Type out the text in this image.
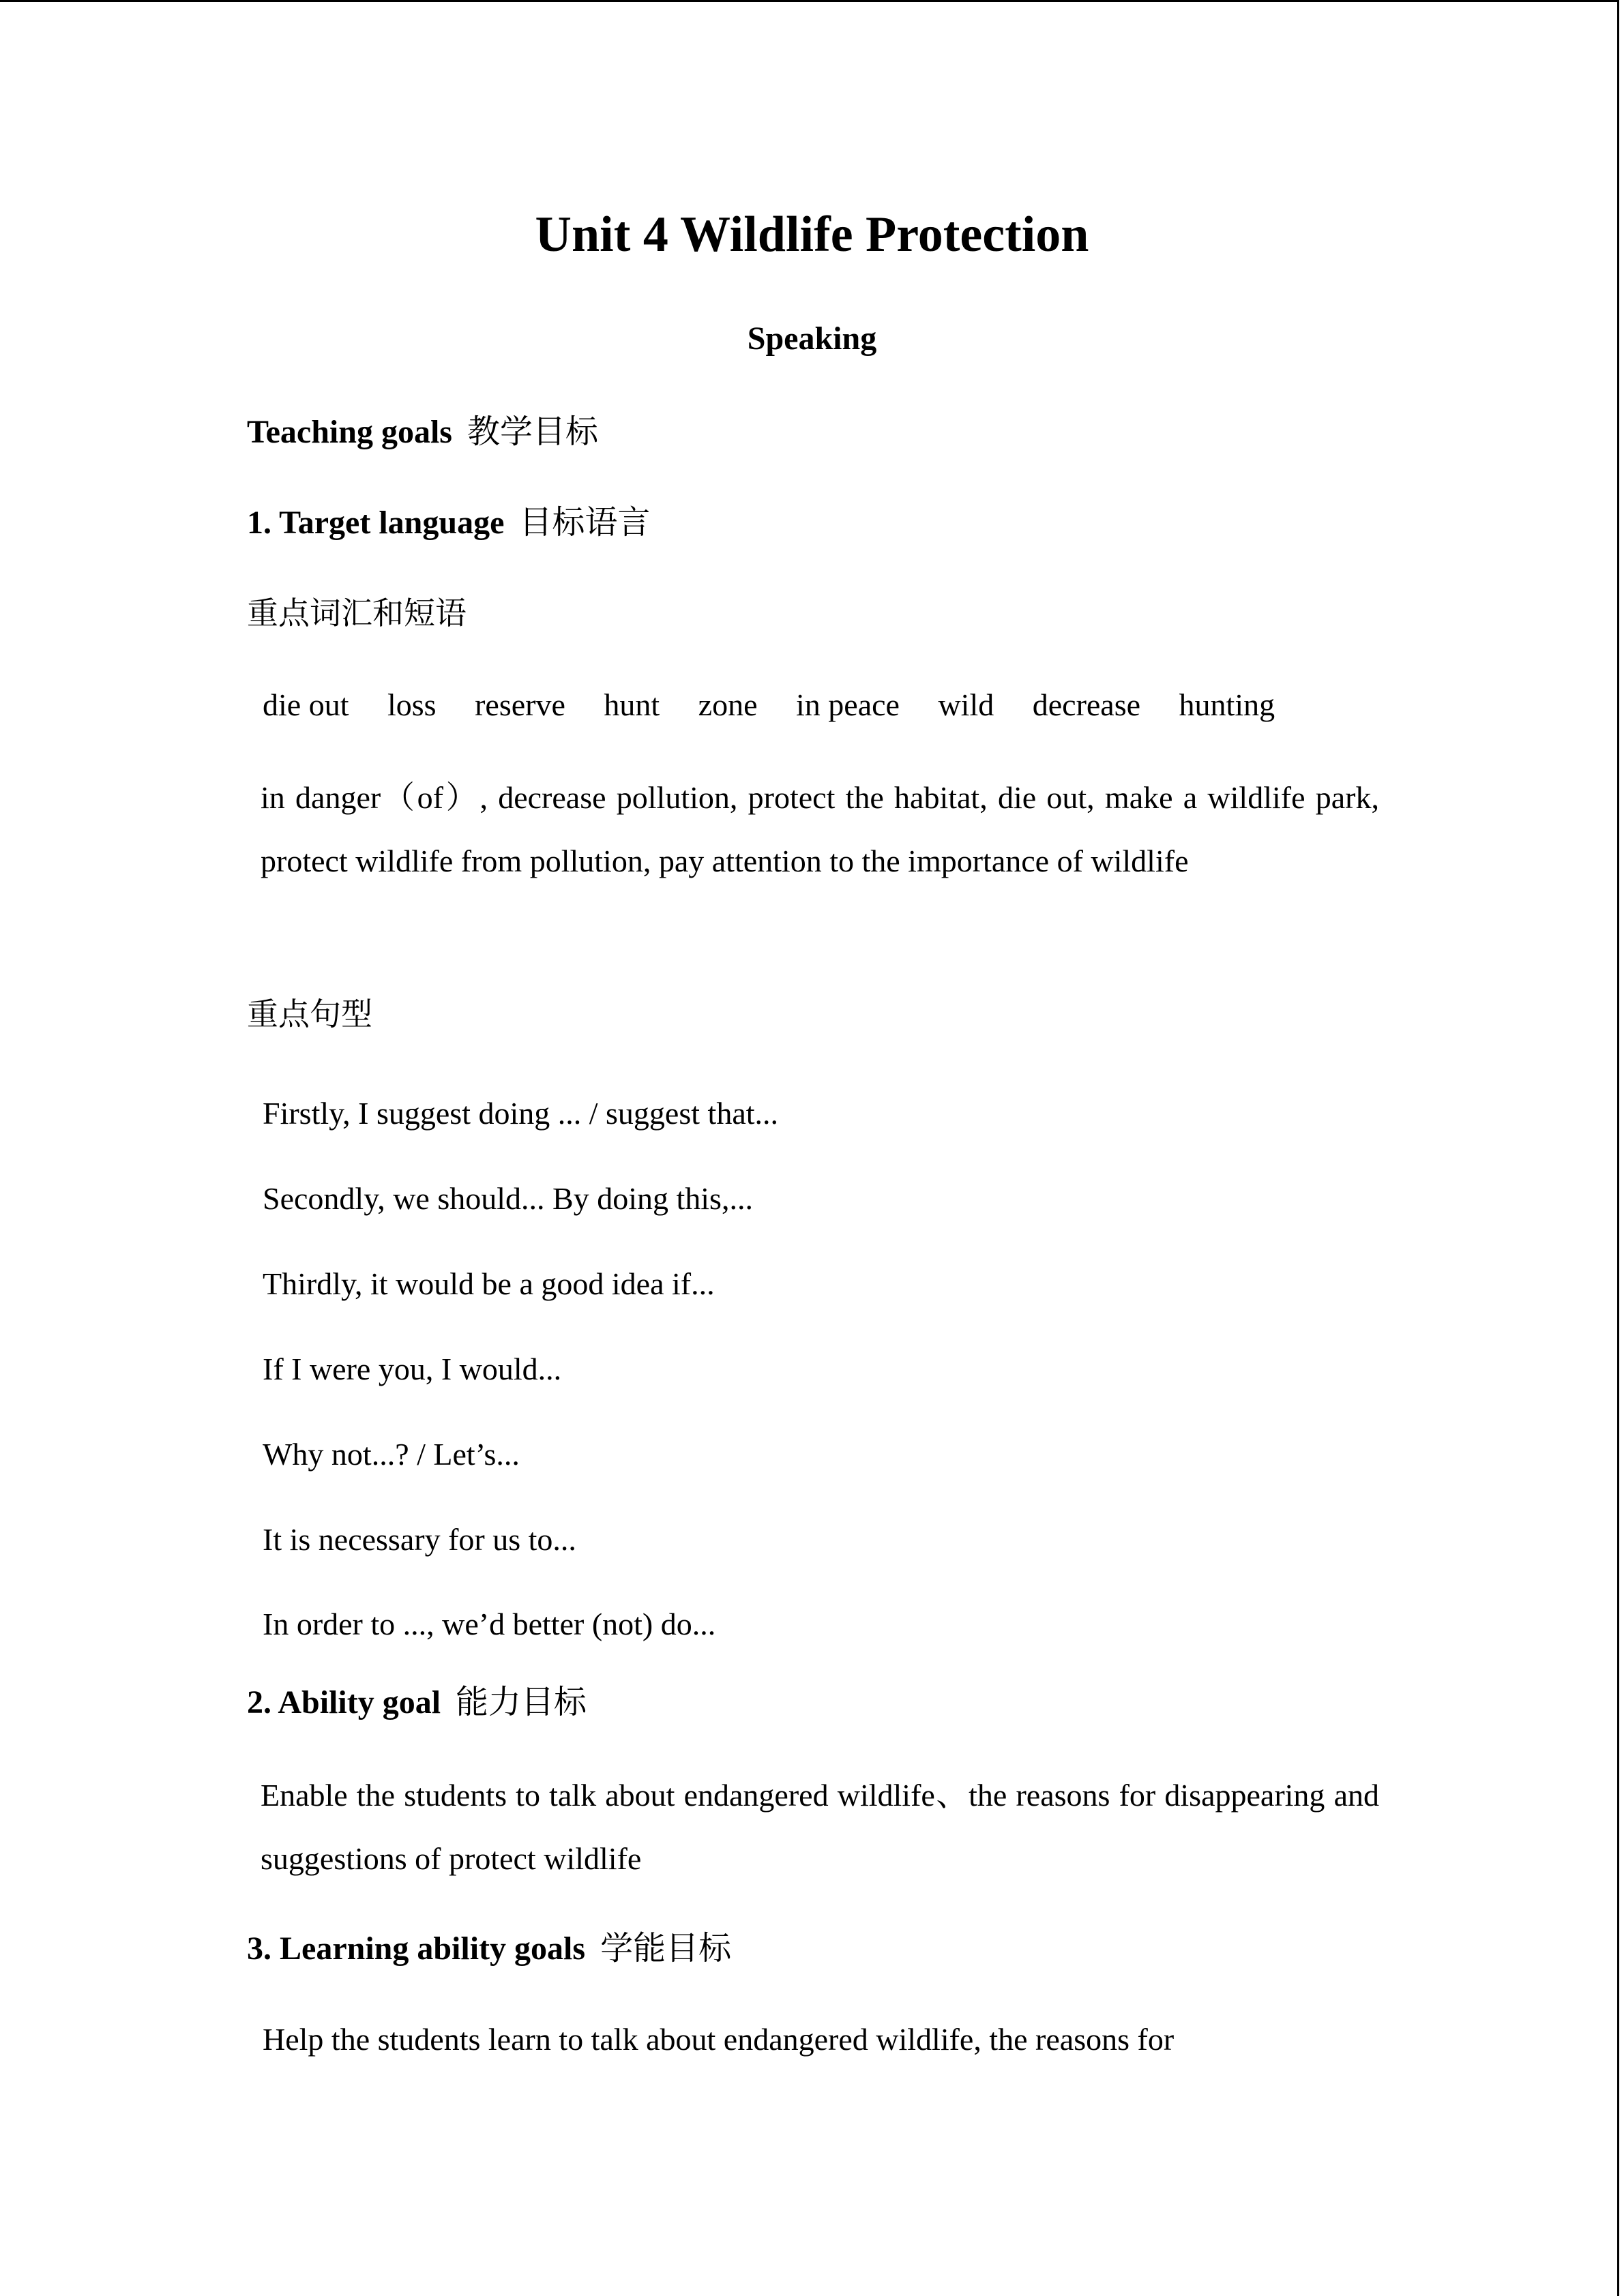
Unit 4 Wildlife Protection
Speaking
Teaching goals 教学目标
1. Target language 目标语言
重点词汇和短语
die out loss reserve hunt zone in peace wild decrease hunting
in danger（of）, decrease pollution, protect the habitat, die out, make a wildlife park, protect wildlife from pollution, pay attention to the importance of wildlife
重点句型
Firstly, I suggest doing ... / suggest that...
Secondly, we should... By doing this,...
Thirdly, it would be a good idea if...
If I were you, I would...
Why not...? / Let’s...
It is necessary for us to...
In order to ..., we’d better (not) do...
2. Ability goal 能力目标
Enable the students to talk about endangered wildlife、the reasons for disappearing and suggestions of protect wildlife
3. Learning ability goals 学能目标
Help the students learn to talk about endangered wildlife, the reasons for
